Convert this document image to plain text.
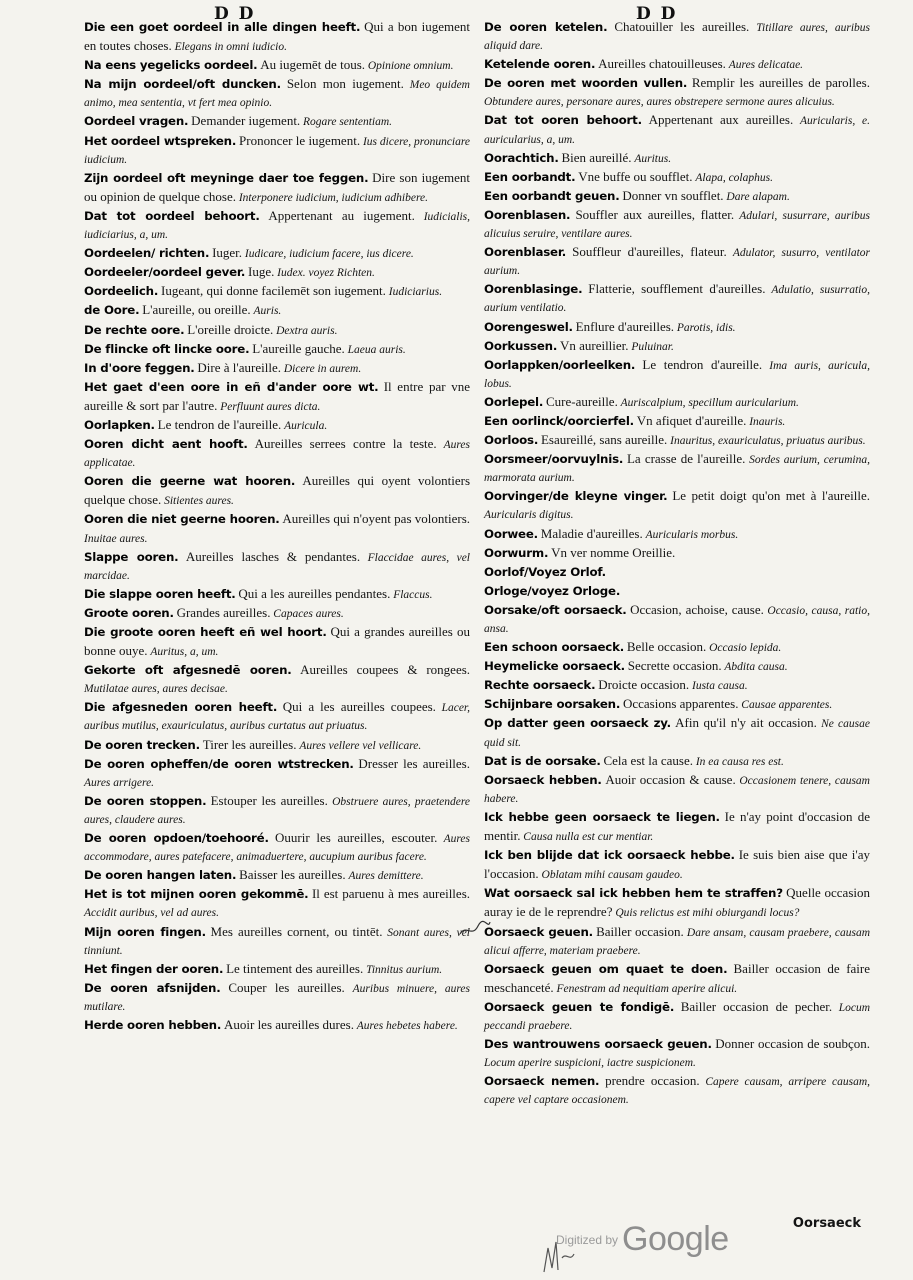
D D	D D

Die een goet oordeel in alle dingen heeft. Qui a bon iugement en toutes choses. Elegans in omni iudicio.

Na eens yegelicks oordeel. Au iugemēt de tous. Opinione omnium.

Na mijn oordeel/oft duncken. Selon mon iugement. Meo quidem animo, mea sententia, vt fert mea opinio.

Oordeel vragen. Demander iugement. Rogare sententiam.

Het oordeel wtspreken. Prononcer le iugement. Ius dicere, pronunciare iudicium.

Zijn oordeel oft meyninge daer toe feggen. Dire son iugement ou opinion de quelque chose. Interponere iudicium, iudicium adhibere.

Dat tot oordeel behoort. Appertenant au iugement. Iudicialis, iudiciarius, a, um.

Oordeelen/ richten. Iuger. Iudicare, iudicium facere, ius dicere.

Oordeeler/oordeel gever. Iuge. Iudex. voyez Richten.

Oordeelich. Iugeant, qui donne facilemēt son iugement. Iudiciarius.

de Oore. L'aureille, ou oreille. Auris.

De rechte oore. L'oreille droicte. Dextra auris.

De flincke oft lincke oore. L'aureille gauche. Laeua auris.

In d'oore feggen. Dire à l'aureille. Dicere in aurem.

Het gaet d'een oore in eñ d'ander oore wt. Il entre par vne aureille & sort par l'autre. Perfluunt aures dicta.

Oorlapken. Le tendron de l'aureille. Auricula.

Ooren dicht aent hooft. Aureilles serrees contre la teste. Aures applicatae.

Ooren die geerne wat hooren. Aureilles qui oyent volontiers quelque chose. Sitientes aures.

Ooren die niet geerne hooren. Aureilles qui n'oyent pas volontiers. Inuitae aures.

Slappe ooren. Aureilles lasches & pendantes. Flaccidae aures, vel marcidae.

Die slappe ooren heeft. Qui a les aureilles pendantes. Flaccus.

Groote ooren. Grandes aureilles. Capaces aures.

Die groote ooren heeft eñ wel hoort. Qui a grandes aureilles ou bonne ouye. Auritus, a, um.

Gekorte oft afgesnedē ooren. Aureilles coupees & rongees. Mutilatae aures, aures decisae.

Die afgesneden ooren heeft. Qui a les aureilles coupees. Lacer, auribus mutilus, exauriculatus, auribus curtatus aut priuatus.

De ooren trecken. Tirer les aureilles. Aures vellere vel vellicare.

De ooren opheffen/de ooren wtstrecken. Dresser les aureilles. Aures arrigere.

De ooren stoppen. Estouper les aureilles. Obstruere aures, praetendere aures, claudere aures.

De ooren opdoen/toehooré. Ouurir les aureilles, escouter. Aures accommodare, aures patefacere, animaduertere, aucupium auribus facere.

De ooren hangen laten. Baisser les aureilles. Aures demittere.

Het is tot mijnen ooren gekommē. Il est paruenu à mes aureilles. Accidit auribus, vel ad aures.

Mijn ooren fingen. Mes aureilles cornent, ou tintēt. Sonant aures, vel tinniunt.

Het fingen der ooren. Le tintement des aureilles. Tinnitus aurium.

De ooren afsnijden. Couper les aureilles. Auribus minuere, aures mutilare.

Herde ooren hebben. Auoir les aureilles dures. Aures hebetes habere.

De ooren ketelen. Chatouiller les aureilles. Titillare aures, auribus aliquid dare.

Ketelende ooren. Aureilles chatouilleuses. Aures delicatae.

De ooren met woorden vullen. Remplir les aureilles de parolles. Obtundere aures, personare aures, aures obstrepere sermone aures alicuius.

Dat tot ooren behoort. Appertenant aux aureilles. Auricularis, e. auricularius, a, um.

Oorachtich. Bien aureillé. Auritus.

Een oorbandt. Vne buffe ou soufflet. Alapa, colaphus.

Een oorbandt geuen. Donner vn soufflet. Dare alapam.

Oorenblasen. Souffler aux aureilles, flatter. Adulari, susurrare, auribus alicuius seruire, ventilare aures.

Oorenblaser. Souffleur d'aureilles, flateur. Adulator, susurro, ventilator aurium.

Oorenblasinge. Flatterie, soufflement d'aureilles. Adulatio, susurratio, aurium ventilatio.

Oorengeswel. Enflure d'aureilles. Parotis, idis.

Oorkussen. Vn aureillier. Puluinar.

Oorlappken/oorleelken. Le tendron d'aureille. Ima auris, auricula, lobus.

Oorlepel. Cure-aureille. Auriscalpium, specillum auricularium.

Een oorlinck/oorcierfel. Vn afiquet d'aureille. Inauris.

Oorloos. Esaureillé, sans aureille. Inauritus, exauriculatus, priuatus auribus.

Oorsmeer/oorvuylnis. La crasse de l'aureille. Sordes aurium, cerumina, marmorata aurium.

Oorvinger/de kleyne vinger. Le petit doigt qu'on met à l'aureille. Auricularis digitus.

Oorwee. Maladie d'aureilles. Auricularis morbus.

Oorwurm. Vn ver nomme Oreillie.

Oorlof/Voyez Orlof.

Orloge/voyez Orloge.

Oorsake/oft oorsaeck. Occasion, achoise, cause. Occasio, causa, ratio, ansa.

Een schoon oorsaeck. Belle occasion. Occasio lepida.

Heymelicke oorsaeck. Secrette occasion. Abdita causa.

Rechte oorsaeck. Droicte occasion. Iusta causa.

Schijnbare oorsaken. Occasions apparentes. Causae apparentes.

Op datter geen oorsaeck zy. Afin qu'il n'y ait occasion. Ne causae quid sit.

Dat is de oorsake. Cela est la cause. In ea causa res est.

Oorsaeck hebben. Auoir occasion & cause. Occasionem tenere, causam habere.

Ick hebbe geen oorsaeck te liegen. Ie n'ay point d'occasion de mentir. Causa nulla est cur mentiar.

Ick ben blijde dat ick oorsaeck hebbe. Ie suis bien aise que i'ay l'occasion. Oblatam mihi causam gaudeo.

Wat oorsaeck sal ick hebben hem te straffen? Quelle occasion auray ie de le reprendre? Quis relictus est mihi obiurgandi locus?

Oorsaeck geuen. Bailler occasion. Dare ansam, causam praebere, causam alicui afferre, materiam praebere.

Oorsaeck geuen om quaet te doen. Bailler occasion de faire meschanceté. Fenestram ad nequitiam aperire alicui.

Oorsaeck geuen te fondigē. Bailler occasion de pecher. Locum peccandi praebere.

Des wantrouwens oorsaeck geuen. Donner occasion de soubçon. Locum aperire suspicioni, iactre suspicionem.

Oorsaeck nemen. prendre occasion. Capere causam, arripere causam, capere vel captare occasionem.

$^{Digitized by}$ Google	Oorsaeck
